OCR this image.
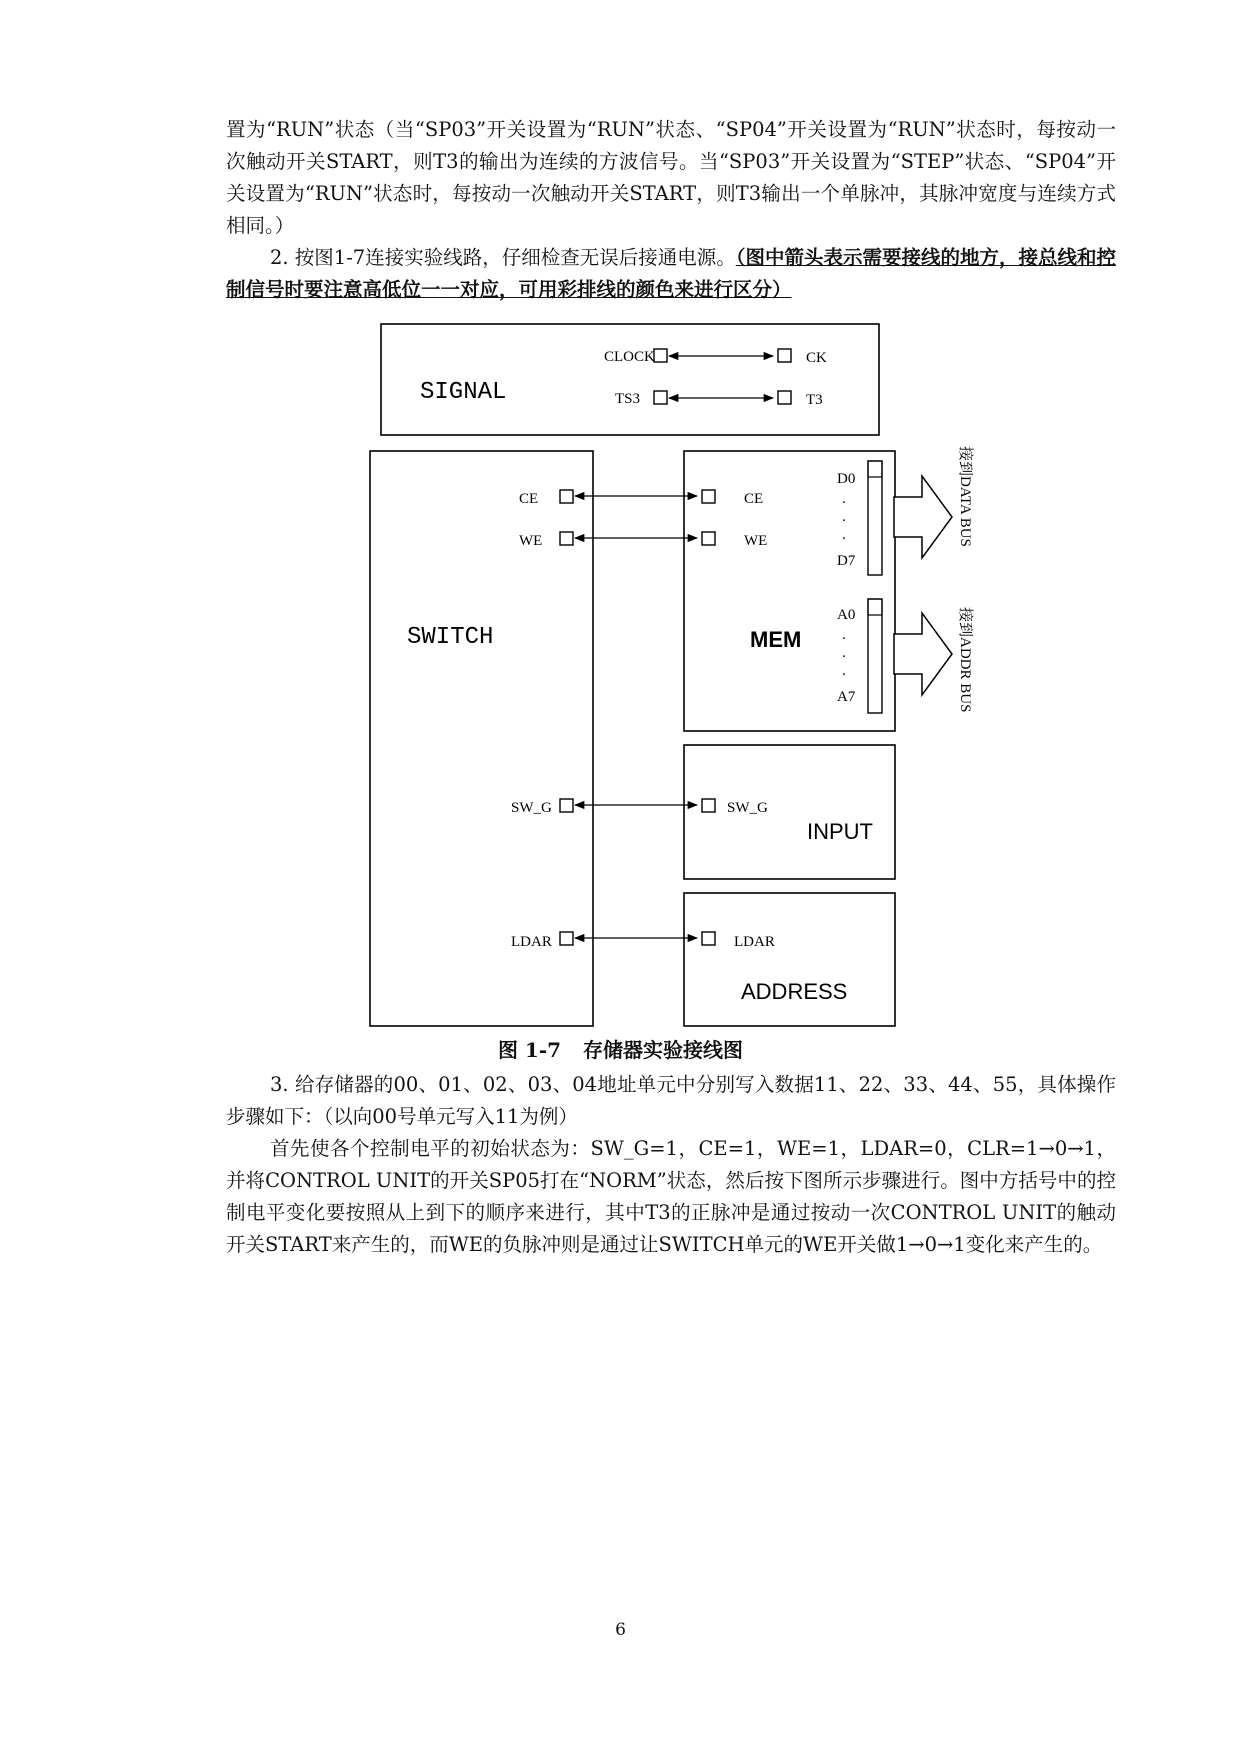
置为“RUN”状态（当“SP03”开关设置为“RUN”状态、“SP04”开关设置为“RUN”状态时，每按动一次触动开关START，则T3的输出为连续的方波信号。当“SP03”开关设置为“STEP”状态、“SP04”开关设置为“RUN”状态时，每按动一次触动开关START，则T3输出一个单脉冲，其脉冲宽度与连续方式相同。）

2. 按图1-7连接实验线路，仔细检查无误后接通电源。（图中箭头表示需要接线的地方，接总线和控制信号时要注意高低位一一对应，可用彩排线的颜色来进行区分）

SIGNAL
CLOCK	CK
TS3	T3
SWITCH
CE
WE
SW_G
LDAR
MEM
CE
WE
D0
.
.
.
D7
A0
.
.
.
A7
接到DATA BUS
接到ADDR BUS
SW_G
INPUT
LDAR
ADDRESS
图 1-7 存储器实验接线图

3. 给存储器的00、01、02、03、04地址单元中分别写入数据11、22、33、44、55，具体操作步骤如下：（以向00号单元写入11为例）

首先使各个控制电平的初始状态为：SW_G=1，CE=1，WE=1，LDAR=0，CLR=1→0→1，并将CONTROL UNIT的开关SP05打在“NORM”状态，然后按下图所示步骤进行。图中方括号中的控制电平变化要按照从上到下的顺序来进行，其中T3的正脉冲是通过按动一次CONTROL UNIT的触动开关START来产生的，而WE的负脉冲则是通过让SWITCH单元的WE开关做1→0→1变化来产生的。

6
